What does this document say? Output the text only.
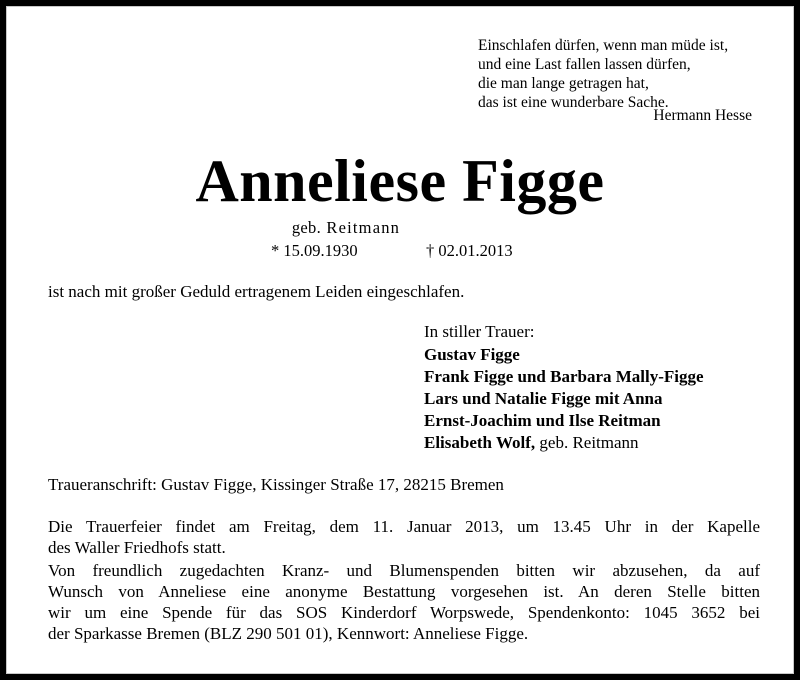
Einschlafen dürfen, wenn man müde ist,
und eine Last fallen lassen dürfen,
die man lange getragen hat,
das ist eine wunderbare Sache.
Hermann Hesse
Anneliese Figge
geb. Reitmann
* 15.09.1930	† 02.01.2013
ist nach mit großer Geduld ertragenem Leiden eingeschlafen.
In stiller Trauer:
Gustav Figge
Frank Figge und Barbara Mally-Figge
Lars und Natalie Figge mit Anna
Ernst-Joachim und Ilse Reitman
Elisabeth Wolf, geb. Reitmann
Traueranschrift: Gustav Figge, Kissinger Straße 17, 28215 Bremen
Die Trauerfeier findet am Freitag, dem 11. Januar 2013, um 13.45 Uhr in der Kapelle
des Waller Friedhofs statt.
Von freundlich zugedachten Kranz- und Blumenspenden bitten wir abzusehen, da auf
Wunsch von Anneliese eine anonyme Bestattung vorgesehen ist. An deren Stelle bitten
wir um eine Spende für das SOS Kinderdorf Worpswede, Spendenkonto: 1045 3652 bei
der Sparkasse Bremen (BLZ 290 501 01), Kennwort: Anneliese Figge.
